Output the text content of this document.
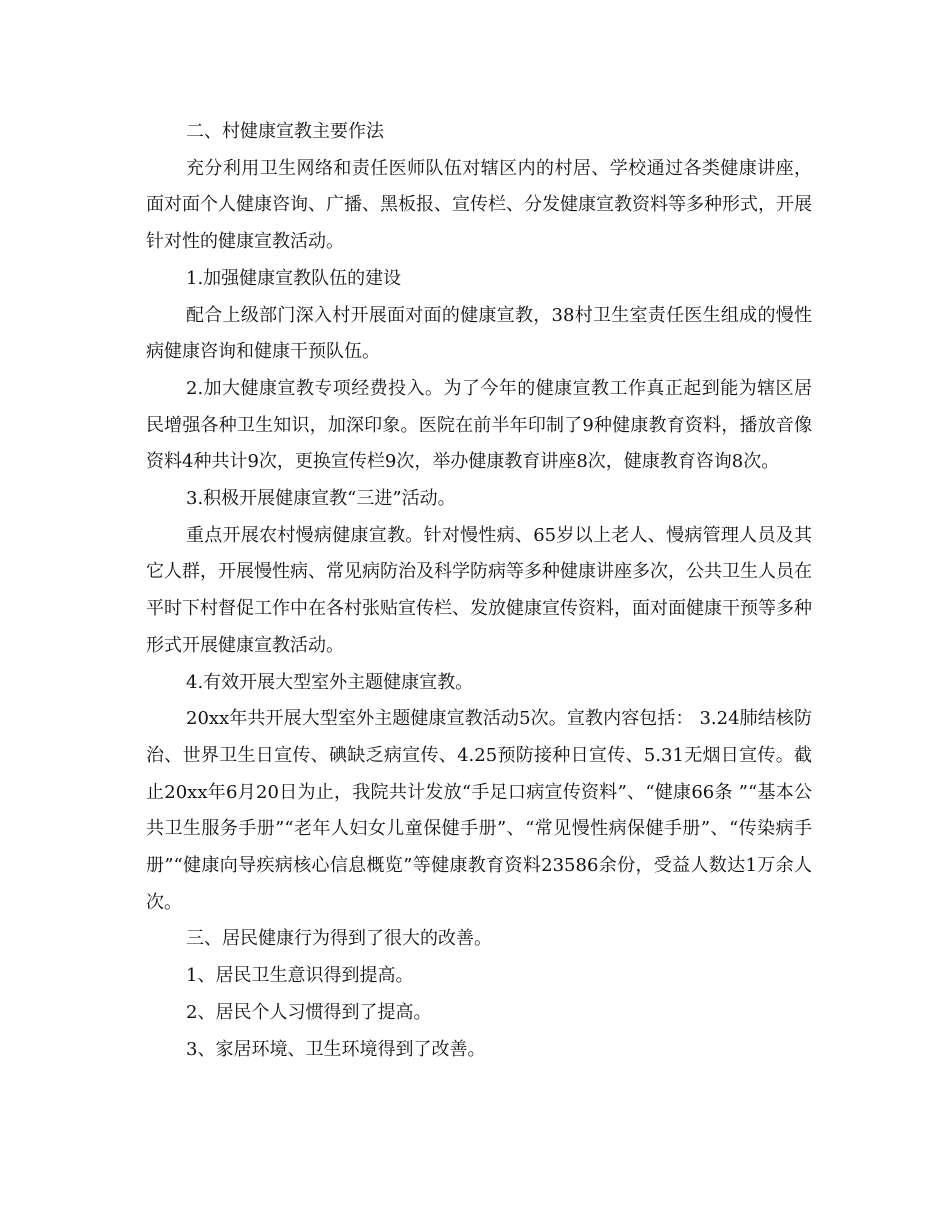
二、村健康宣教主要作法

充分利用卫生网络和责任医师队伍对辖区内的村居、学校通过各类健康讲座，面对面个人健康咨询、广播、黑板报、宣传栏、分发健康宣教资料等多种形式，开展针对性的健康宣教活动。

1.加强健康宣教队伍的建设

配合上级部门深入村开展面对面的健康宣教，38村卫生室责任医生组成的慢性病健康咨询和健康干预队伍。

2.加大健康宣教专项经费投入。为了今年的健康宣教工作真正起到能为辖区居民增强各种卫生知识，加深印象。医院在前半年印制了9种健康教育资料，播放音像资料4种共计9次，更换宣传栏9次，举办健康教育讲座8次，健康教育咨询8次。

3.积极开展健康宣教“三进”活动。

重点开展农村慢病健康宣教。针对慢性病、65岁以上老人、慢病管理人员及其它人群，开展慢性病、常见病防治及科学防病等多种健康讲座多次，公共卫生人员在平时下村督促工作中在各村张贴宣传栏、发放健康宣传资料，面对面健康干预等多种形式开展健康宣教活动。

4.有效开展大型室外主题健康宣教。

20xx年共开展大型室外主题健康宣教活动5次。宣教内容包括： 3.24肺结核防治、世界卫生日宣传、碘缺乏病宣传、4.25预防接种日宣传、5.31无烟日宣传。截止20xx年6月20日为止，我院共计发放“手足口病宣传资料”、“健康66条 ”“基本公共卫生服务手册”“老年人妇女儿童保健手册”、“常见慢性病保健手册”、“传染病手册”“健康向导疾病核心信息概览”等健康教育资料23586余份，受益人数达1万余人次。

三、居民健康行为得到了很大的改善。

1、居民卫生意识得到提高。

2、居民个人习惯得到了提高。

3、家居环境、卫生环境得到了改善。
